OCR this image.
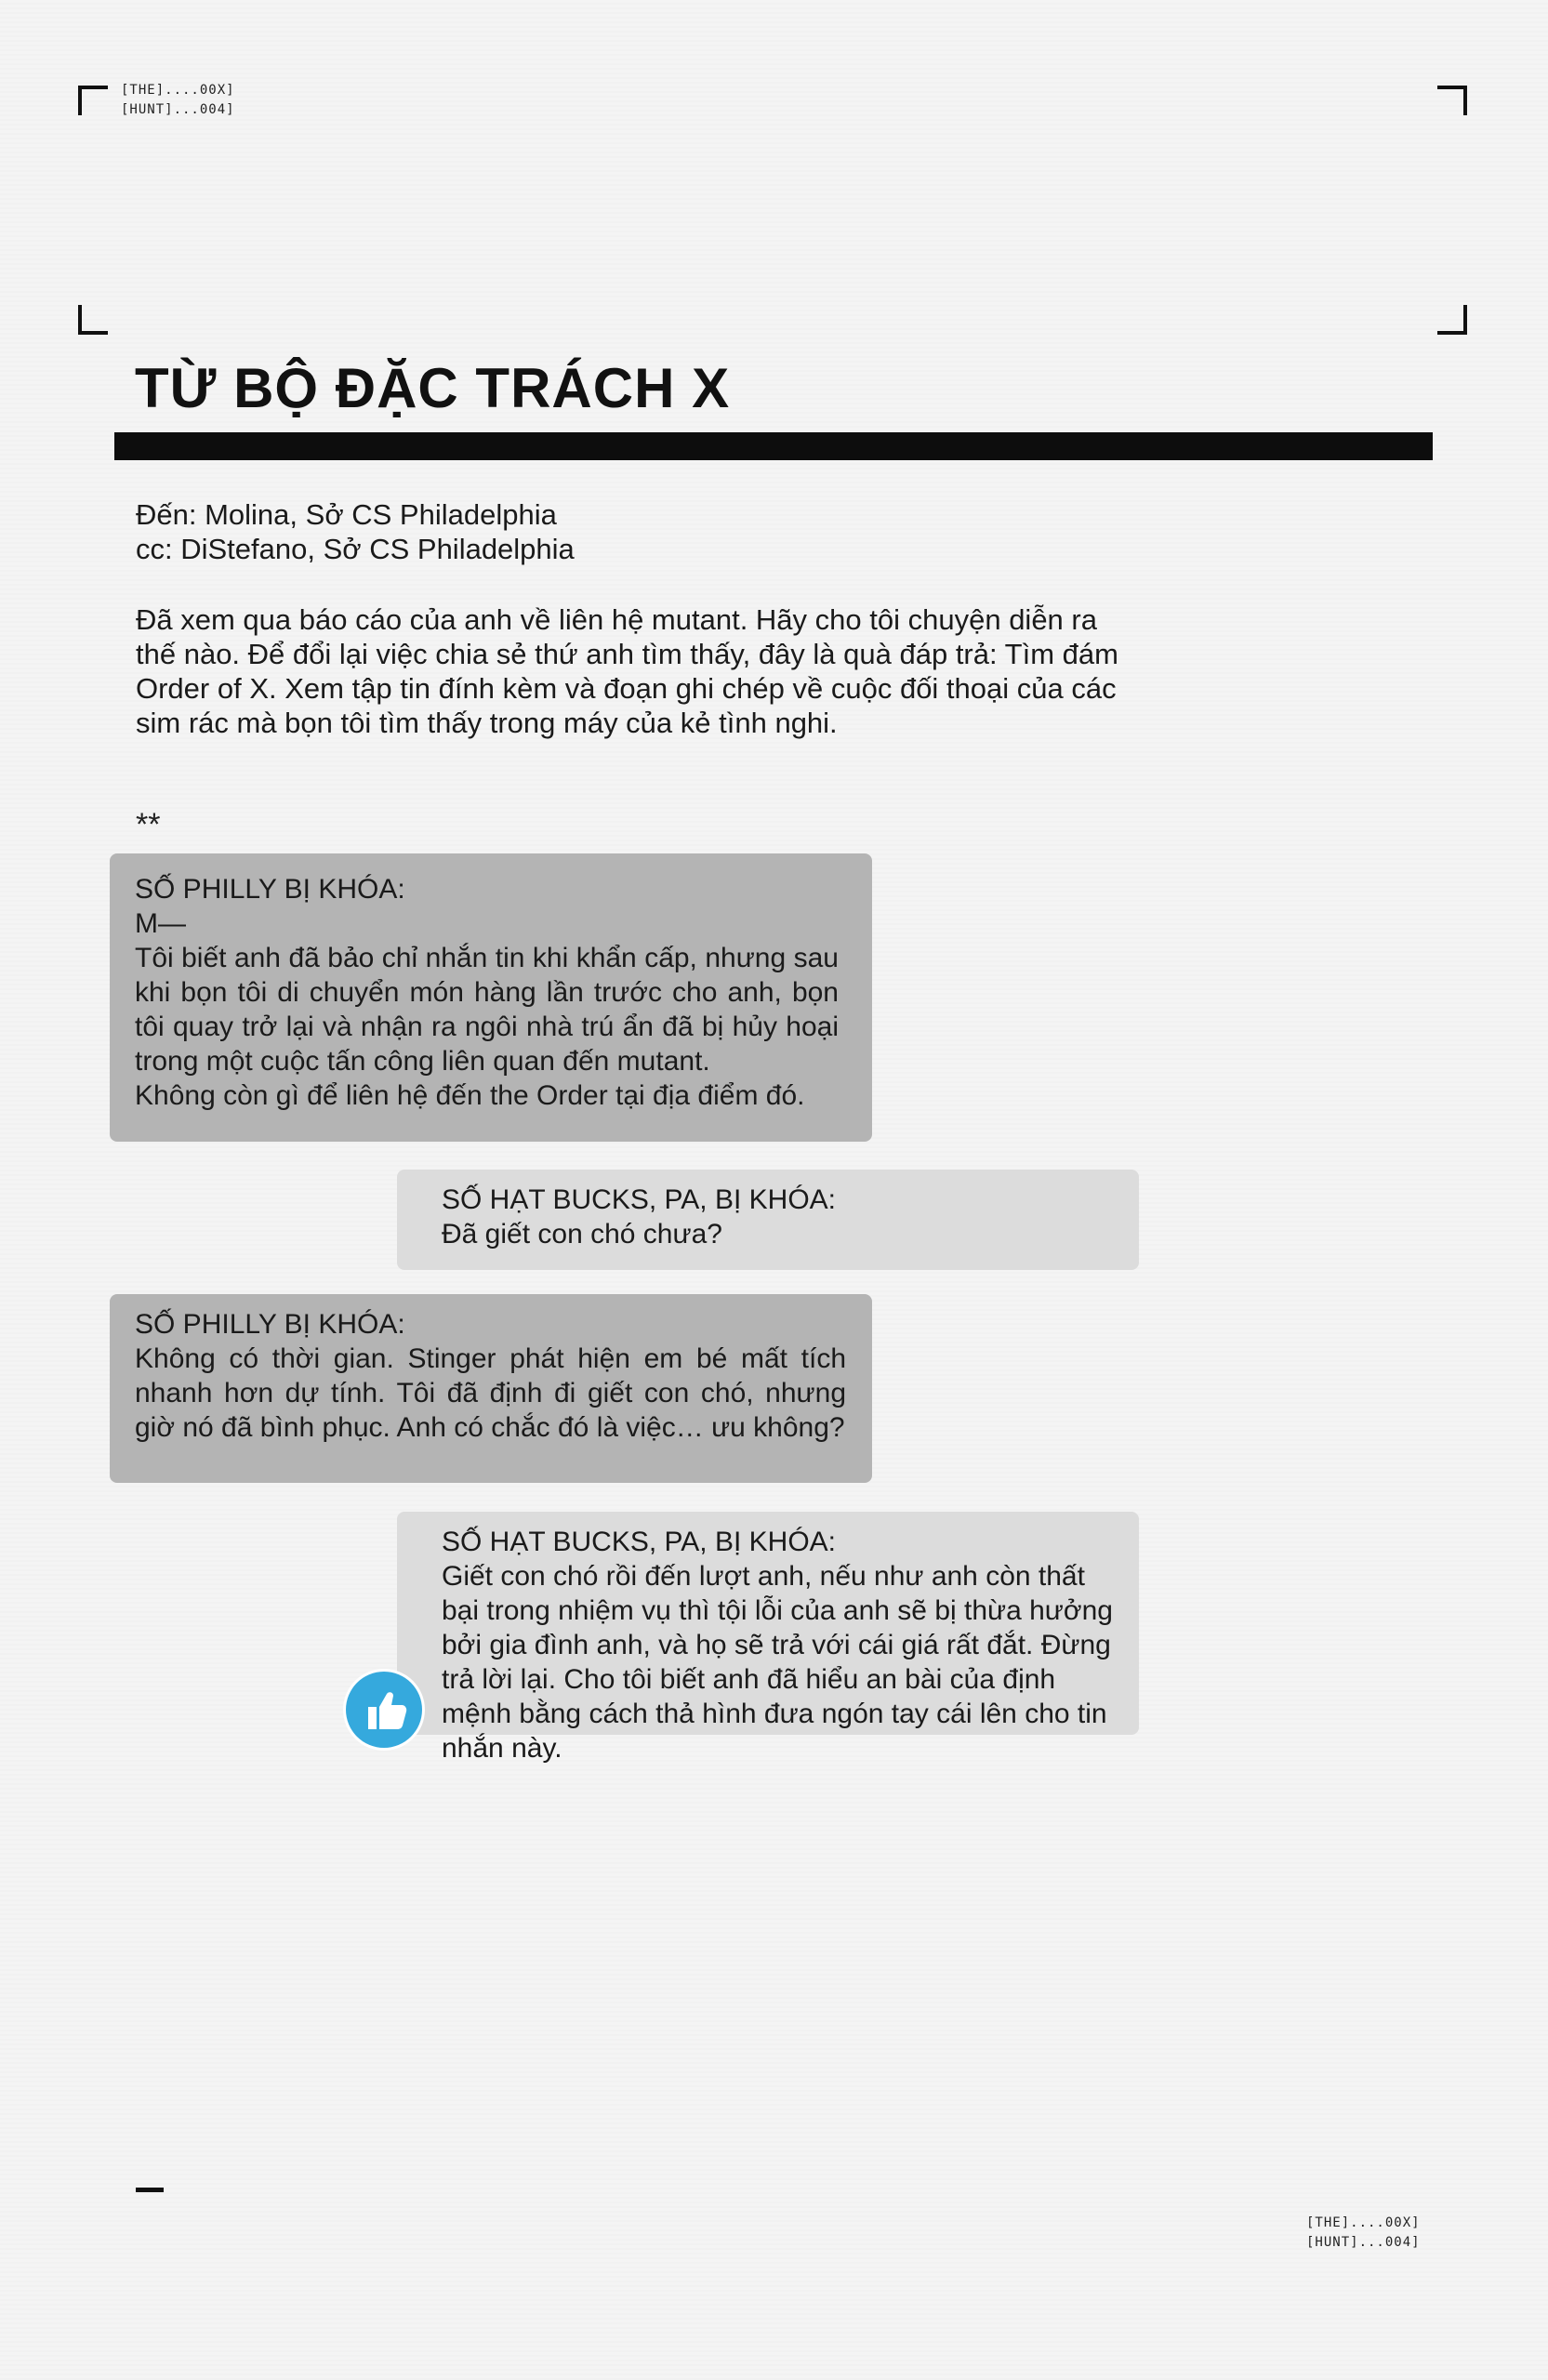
[THE]....00X]
[HUNT]...004]
TỪ BỘ ĐẶC TRÁCH X
Đến: Molina, Sở CS Philadelphia
cc: DiStefano, Sở CS Philadelphia
Đã xem qua báo cáo của anh về liên hệ mutant. Hãy cho tôi chuyện diễn ra thế nào. Để đổi lại việc chia sẻ thứ anh tìm thấy, đây là quà đáp trả: Tìm đám Order of X. Xem tập tin đính kèm và đoạn ghi chép về cuộc đối thoại của các sim rác mà bọn tôi tìm thấy trong máy của kẻ tình nghi.
**
SỐ PHILLY BỊ KHÓA:
M—
Tôi biết anh đã bảo chỉ nhắn tin khi khẩn cấp, nhưng sau khi bọn tôi di chuyển món hàng lần trước cho anh, bọn tôi quay trở lại và nhận ra ngôi nhà trú ẩn đã bị hủy hoại trong một cuộc tấn công liên quan đến mutant.
Không còn gì để liên hệ đến the Order tại địa điểm đó.
SỐ HẠT BUCKS, PA, BỊ KHÓA:
Đã giết con chó chưa?
SỐ PHILLY BỊ KHÓA:
Không có thời gian. Stinger phát hiện em bé mất tích nhanh hơn dự tính. Tôi đã định đi giết con chó, nhưng giờ nó đã bình phục. Anh có chắc đó là việc… ưu không?
SỐ HẠT BUCKS, PA, BỊ KHÓA:
Giết con chó rồi đến lượt anh, nếu như anh còn thất bại trong nhiệm vụ thì tội lỗi của anh sẽ bị thừa hưởng bởi gia đình anh, và họ sẽ trả với cái giá rất đắt. Đừng trả lời lại. Cho tôi biết anh đã hiểu an bài của định mệnh bằng cách thả hình đưa ngón tay cái lên cho tin nhắn này.
[THE]....00X]
[HUNT]...004]
